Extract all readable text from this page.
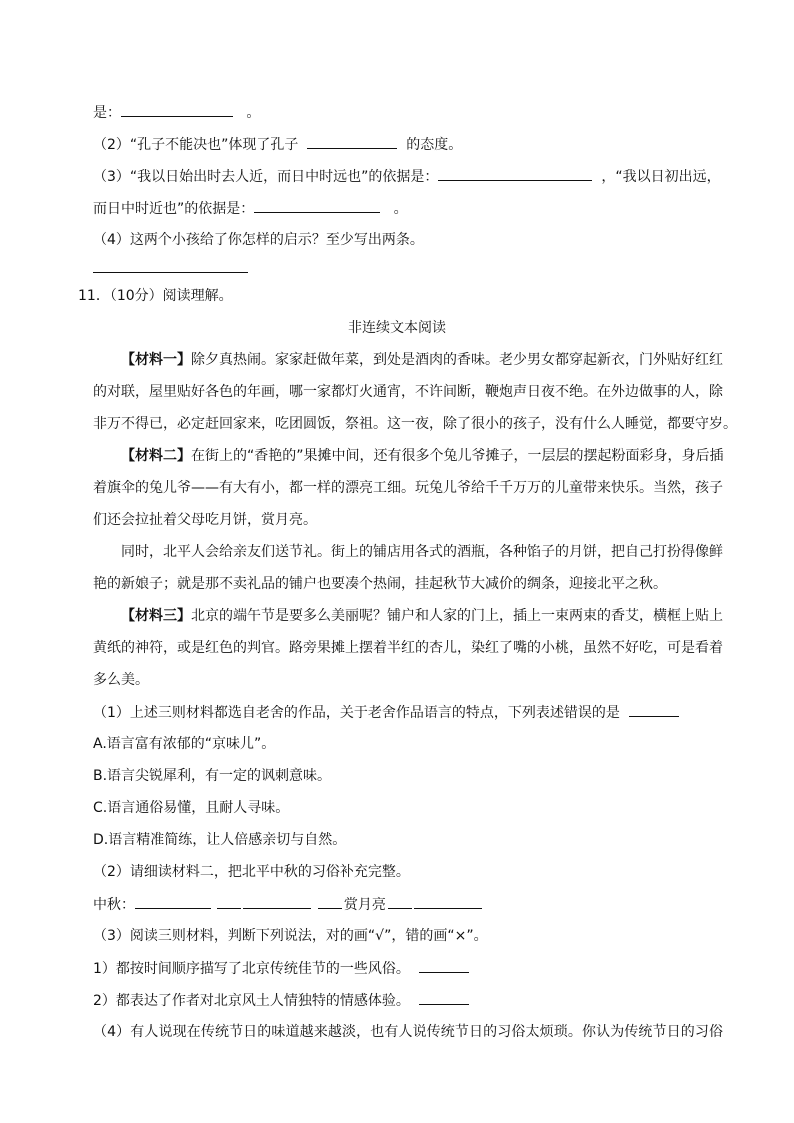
是：	。
（2）“孔子不能决也”体现了孔子	的态度。
（3）“我以日始出时去人近，而日中时远也”的依据是：	，“我以日初出远，
而日中时近也”的依据是：	。
（4）这两个小孩给了你怎样的启示？至少写出两条。
11．（10分）阅读理解。
非连续文本阅读
【材料一】除夕真热闹。家家赶做年菜，到处是酒肉的香味。老少男女都穿起新衣，门外贴好红红
的对联，屋里贴好各色的年画，哪一家都灯火通宵，不许间断，鞭炮声日夜不绝。在外边做事的人，除
非万不得已，必定赶回家来，吃团圆饭，祭祖。这一夜，除了很小的孩子，没有什么人睡觉，都要守岁。
【材料二】在街上的“香艳的”果摊中间，还有很多个兔儿爷摊子，一层层的摆起粉面彩身，身后插
着旗伞的兔儿爷——有大有小，都一样的漂亮工细。玩兔儿爷给千千万万的儿童带来快乐。当然，孩子
们还会拉扯着父母吃月饼，赏月亮。
同时，北平人会给亲友们送节礼。街上的铺店用各式的酒瓶，各种馅子的月饼，把自己打扮得像鲜
艳的新娘子；就是那不卖礼品的铺户也要凑个热闹，挂起秋节大减价的绸条，迎接北平之秋。
【材料三】北京的端午节是要多么美丽呢？铺户和人家的门上，插上一束两束的香艾，横框上贴上
黄纸的神符，或是红色的判官。路旁果摊上摆着半红的杏儿，染红了嘴的小桃，虽然不好吃，可是看着
多么美。
（1）上述三则材料都选自老舍的作品，关于老舍作品语言的特点，下列表述错误的是
A.语言富有浓郁的“京味儿”。
B.语言尖锐犀利，有一定的讽刺意味。
C.语言通俗易懂，且耐人寻味。
D.语言精准简练，让人倍感亲切与自然。
（2）请细读材料二，把北平中秋的习俗补充完整。
中秋：	赏月亮
（3）阅读三则材料，判断下列说法，对的画“√”，错的画“×”。
1）都按时间顺序描写了北京传统佳节的一些风俗。
2）都表达了作者对北京风土人情独特的情感体验。
（4）有人说现在传统节日的味道越来越淡，也有人说传统节日的习俗太烦琐。你认为传统节日的习俗
